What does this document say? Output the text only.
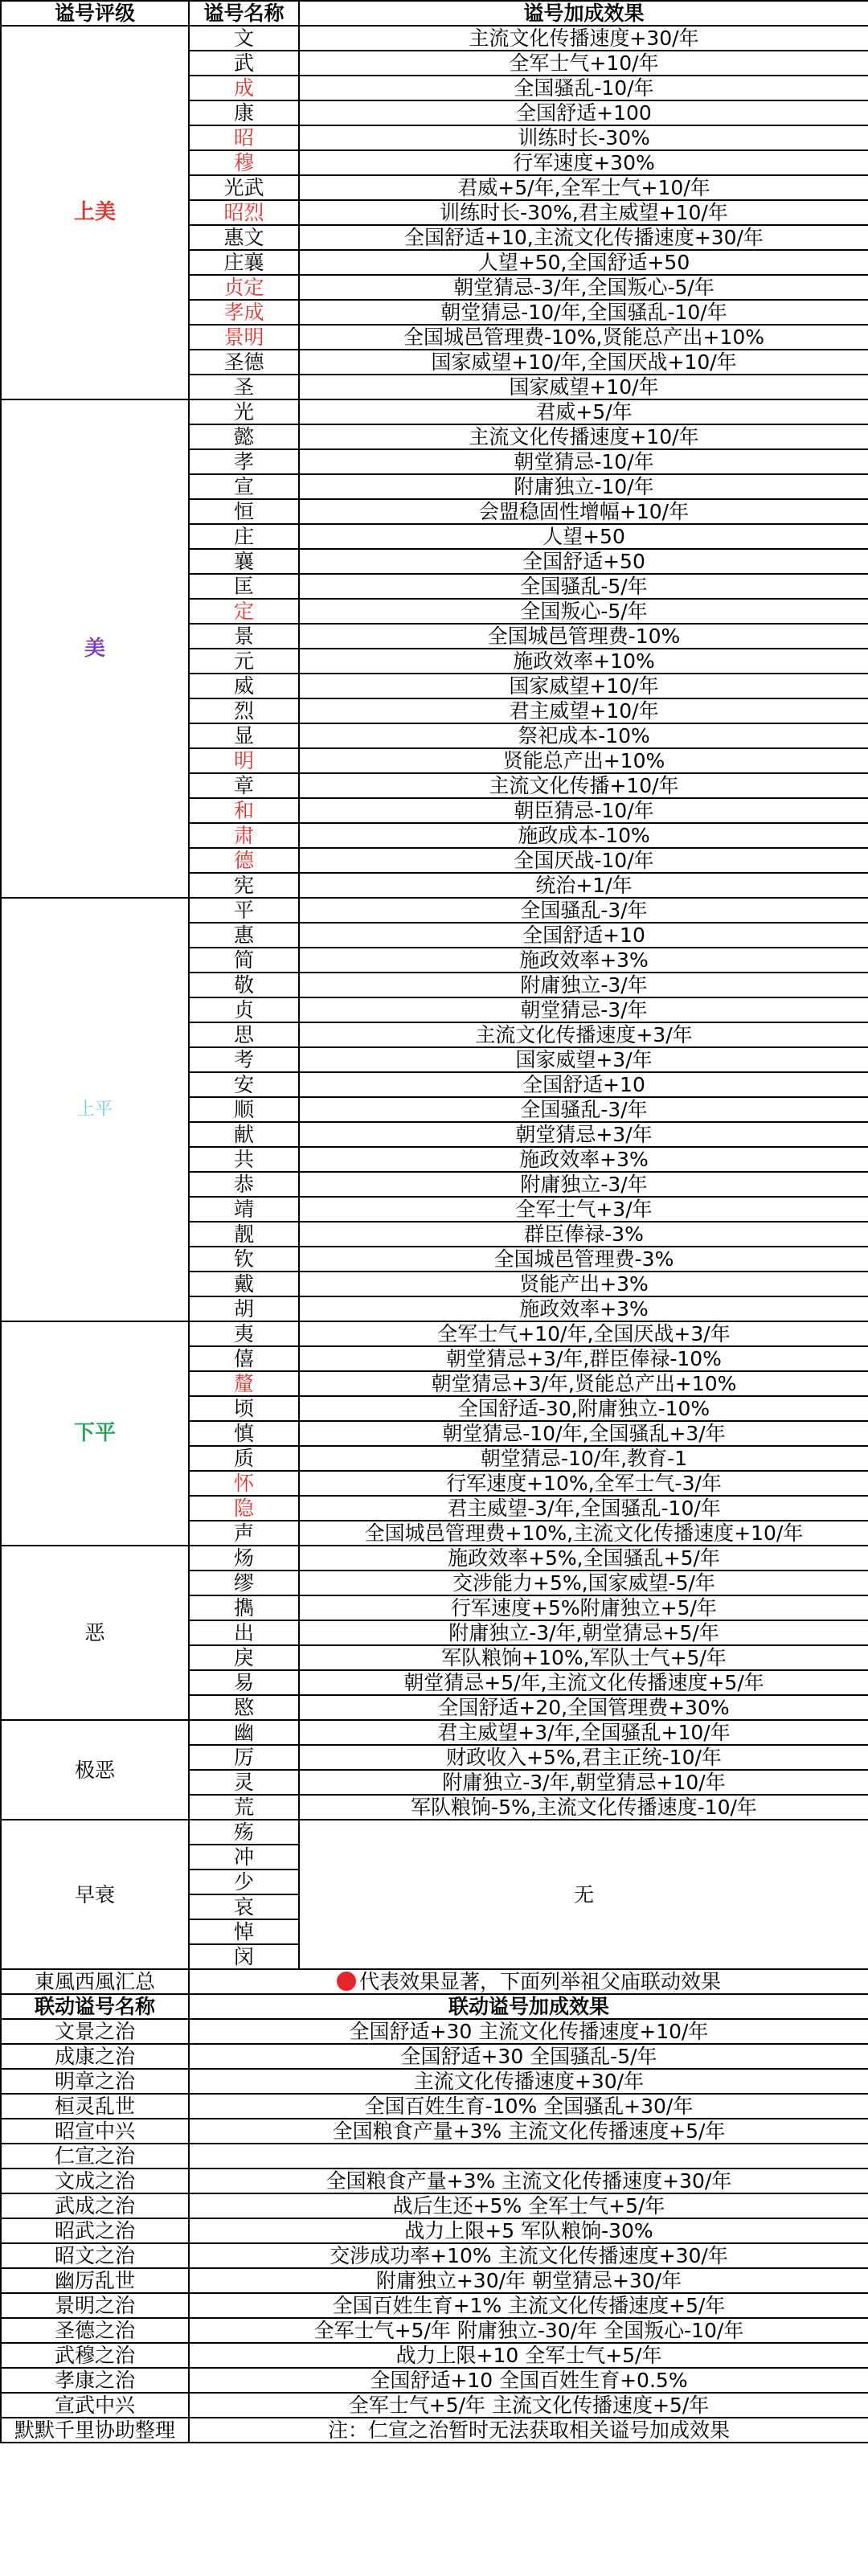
谥号评级	谥号名称	谥号加成效果
上美	文	主流文化传播速度+30/年
	武	全军士气+10/年
	成	全国骚乱-10/年
	康	全国舒适+100
	昭	训练时长-30%
	穆	行军速度+30%
	光武	君威+5/年,全军士气+10/年
	昭烈	训练时长-30%,君主威望+10/年
	惠文	全国舒适+10,主流文化传播速度+30/年
	庄襄	人望+50,全国舒适+50
	贞定	朝堂猜忌-3/年,全国叛心-5/年
	孝成	朝堂猜忌-10/年,全国骚乱-10/年
	景明	全国城邑管理费-10%,贤能总产出+10%
	圣德	国家威望+10/年,全国厌战+10/年
	圣	国家威望+10/年
美	光	君威+5/年
	懿	主流文化传播速度+10/年
	孝	朝堂猜忌-10/年
	宣	附庸独立-10/年
	恒	会盟稳固性增幅+10/年
	庄	人望+50
	襄	全国舒适+50
	匡	全国骚乱-5/年
	定	全国叛心-5/年
	景	全国城邑管理费-10%
	元	施政效率+10%
	威	国家威望+10/年
	烈	君主威望+10/年
	显	祭祀成本-10%
	明	贤能总产出+10%
	章	主流文化传播+10/年
	和	朝臣猜忌-10/年
	肃	施政成本-10%
	德	全国厌战-10/年
	宪	统治+1/年
上平	平	全国骚乱-3/年
	惠	全国舒适+10
	简	施政效率+3%
	敬	附庸独立-3/年
	贞	朝堂猜忌-3/年
	思	主流文化传播速度+3/年
	考	国家威望+3/年
	安	全国舒适+10
	顺	全国骚乱-3/年
	献	朝堂猜忌+3/年
	共	施政效率+3%
	恭	附庸独立-3/年
	靖	全军士气+3/年
	靓	群臣俸禄-3%
	钦	全国城邑管理费-3%
	戴	贤能产出+3%
	胡	施政效率+3%
下平	夷	全军士气+10/年,全国厌战+3/年
	僖	朝堂猜忌+3/年,群臣俸禄-10%
	釐	朝堂猜忌+3/年,贤能总产出+10%
	顷	全国舒适-30,附庸独立-10%
	慎	朝堂猜忌-10/年,全国骚乱+3/年
	质	朝堂猜忌-10/年,教育-1
	怀	行军速度+10%,全军士气-3/年
	隐	君主威望-3/年,全国骚乱-10/年
	声	全国城邑管理费+10%,主流文化传播速度+10/年
恶	炀	施政效率+5%,全国骚乱+5/年
	缪	交涉能力+5%,国家威望-5/年
	擕	行军速度+5%附庸独立+5/年
	出	附庸独立-3/年,朝堂猜忌+5/年
	戾	军队粮饷+10%,军队士气+5/年
	易	朝堂猜忌+5/年,主流文化传播速度+5/年
	愍	全国舒适+20,全国管理费+30%
极恶	幽	君主威望+3/年,全国骚乱+10/年
	厉	财政收入+5%,君主正统-10/年
	灵	附庸独立-3/年,朝堂猜忌+10/年
	荒	军队粮饷-5%,主流文化传播速度-10/年
早衰	殇	无
	冲	
	少	
	哀	
	悼	
	闵	
東風西風汇总	代表效果显著，下面列举祖父庙联动效果	
联动谥号名称	联动谥号加成效果	
文景之治	全国舒适+30 主流文化传播速度+10/年	
成康之治	全国舒适+30 全国骚乱-5/年	
明章之治	主流文化传播速度+30/年	
桓灵乱世	全国百姓生育-10% 全国骚乱+30/年	
昭宣中兴	全国粮食产量+3% 主流文化传播速度+5/年	
仁宣之治		
文成之治	全国粮食产量+3% 主流文化传播速度+30/年	
武成之治	战后生还+5% 全军士气+5/年	
昭武之治	战力上限+5 军队粮饷-30%	
昭文之治	交涉成功率+10% 主流文化传播速度+30/年	
幽厉乱世	附庸独立+30/年 朝堂猜忌+30/年	
景明之治	全国百姓生育+1% 主流文化传播速度+5/年	
圣德之治	全军士气+5/年 附庸独立-30/年 全国叛心-10/年	
武穆之治	战力上限+10 全军士气+5/年	
孝康之治	全国舒适+10 全国百姓生育+0.5%	
宣武中兴	全军士气+5/年 主流文化传播速度+5/年	
默默千里协助整理	注：仁宣之治暂时无法获取相关谥号加成效果	
